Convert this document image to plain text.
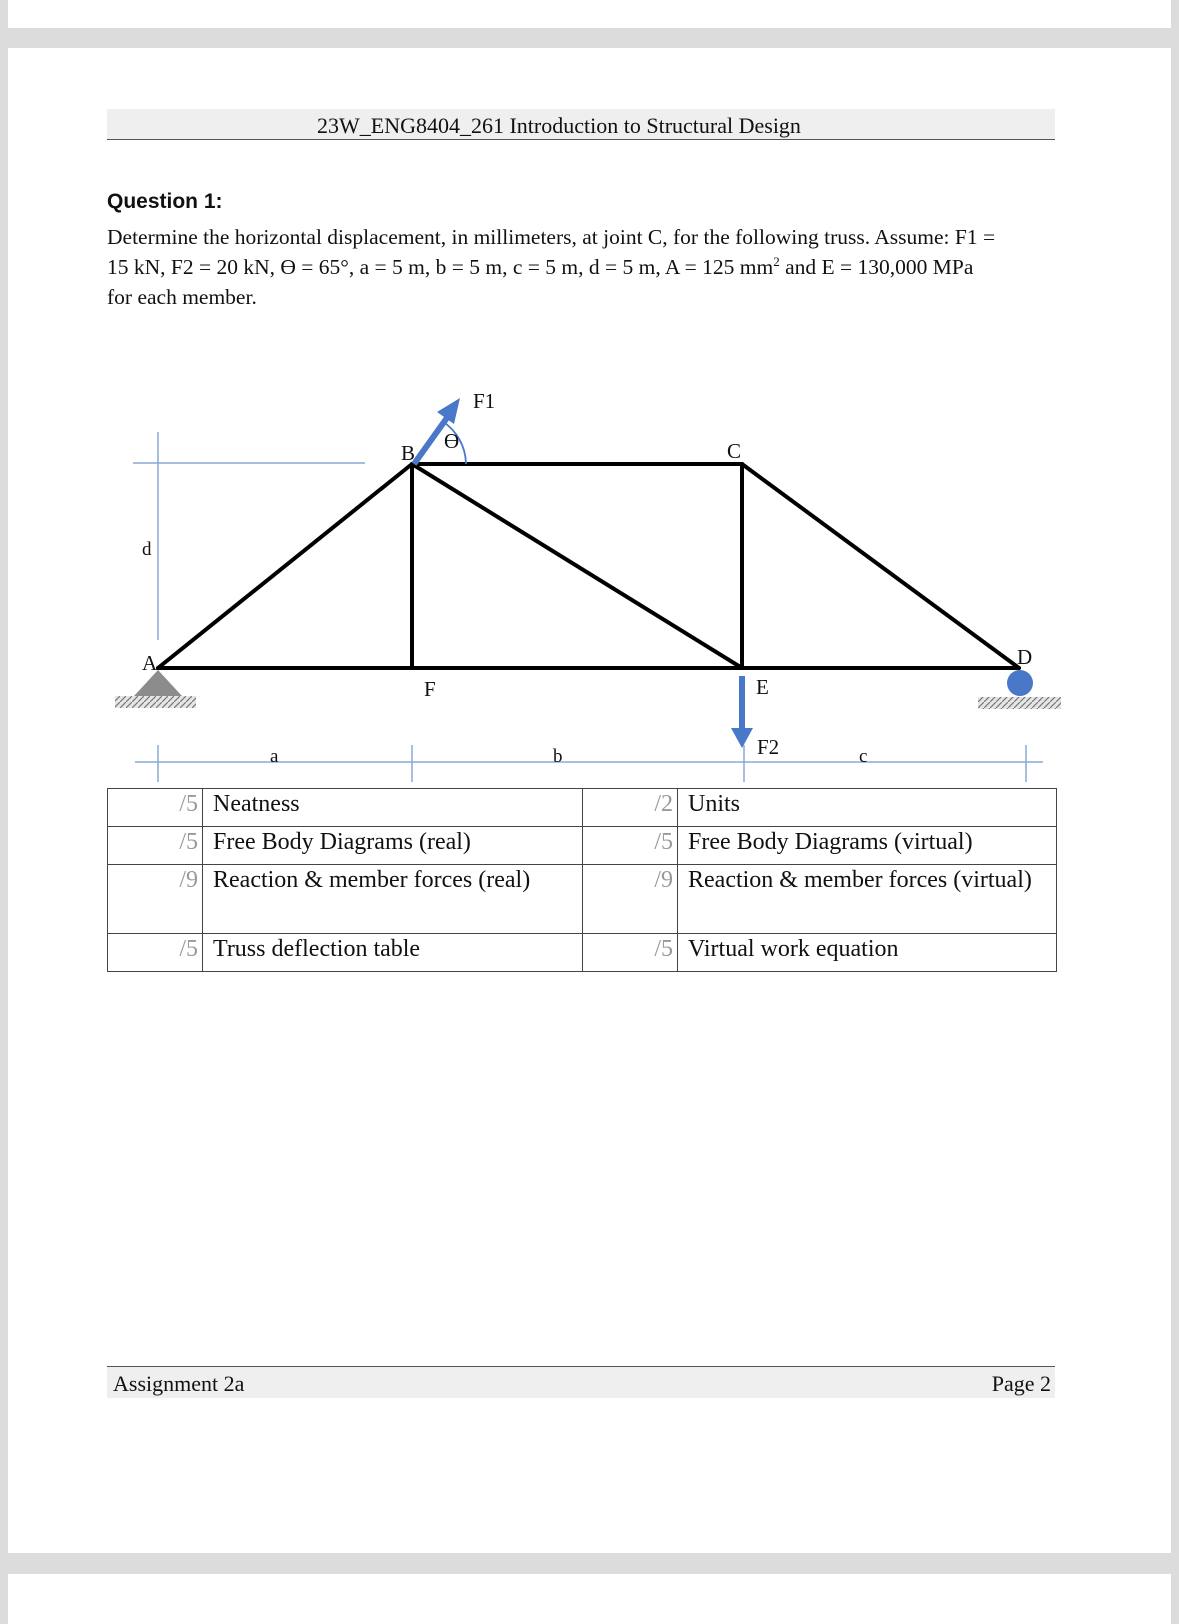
23W_ENG8404_261 Introduction to Structural Design
Question 1:
Determine the horizontal displacement, in millimeters, at joint C, for the following truss. Assume: F1 =
15 kN, F2 = 20 kN, ϴ = 65°, a = 5 m, b = 5 m, c = 5 m, d = 5 m, A = 125 $mm^2$ and E = 130,000 MPa
for each member.
A
B	C
D
E
F
F1
F2
ϴ
a	b	c
d
/5	Neatness	/2	Units
/5	Free Body Diagrams (real)	/5	Free Body Diagrams (virtual)
/9	Reaction & member forces (real)	/9	Reaction & member forces (virtual)
/5	Truss deflection table	/5	Virtual work equation
Assignment 2a	Page 2
